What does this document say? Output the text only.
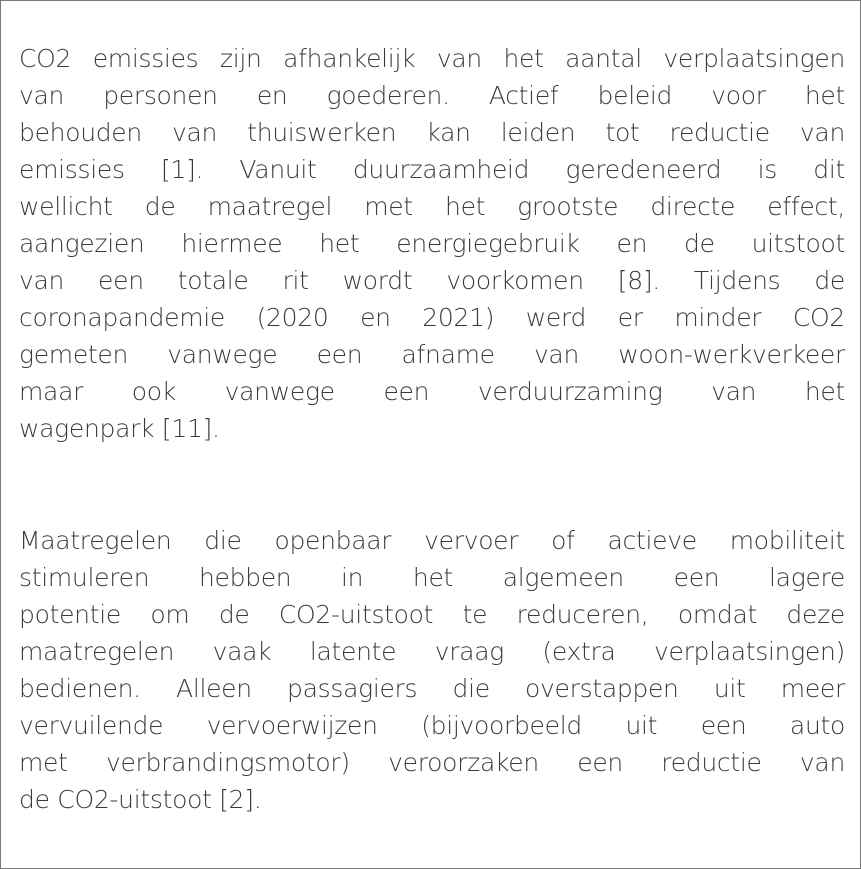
CO2 emissies zijn afhankelijk van het aantal verplaatsingen
van personen en goederen. Actief beleid voor het
behouden van thuiswerken kan leiden tot reductie van
emissies [1]. Vanuit duurzaamheid geredeneerd is dit
wellicht de maatregel met het grootste directe effect,
aangezien hiermee het energiegebruik en de uitstoot
van een totale rit wordt voorkomen [8]. Tijdens de
coronapandemie (2020 en 2021) werd er minder CO2
gemeten vanwege een afname van woon-werkverkeer
maar ook vanwege een verduurzaming van het
wagenpark [11].
Maatregelen die openbaar vervoer of actieve mobiliteit
stimuleren hebben in het algemeen een lagere
potentie om de CO2-uitstoot te reduceren, omdat deze
maatregelen vaak latente vraag (extra verplaatsingen)
bedienen. Alleen passagiers die overstappen uit meer
vervuilende vervoerwijzen (bijvoorbeeld uit een auto
met verbrandingsmotor) veroorzaken een reductie van
de CO2-uitstoot [2].
